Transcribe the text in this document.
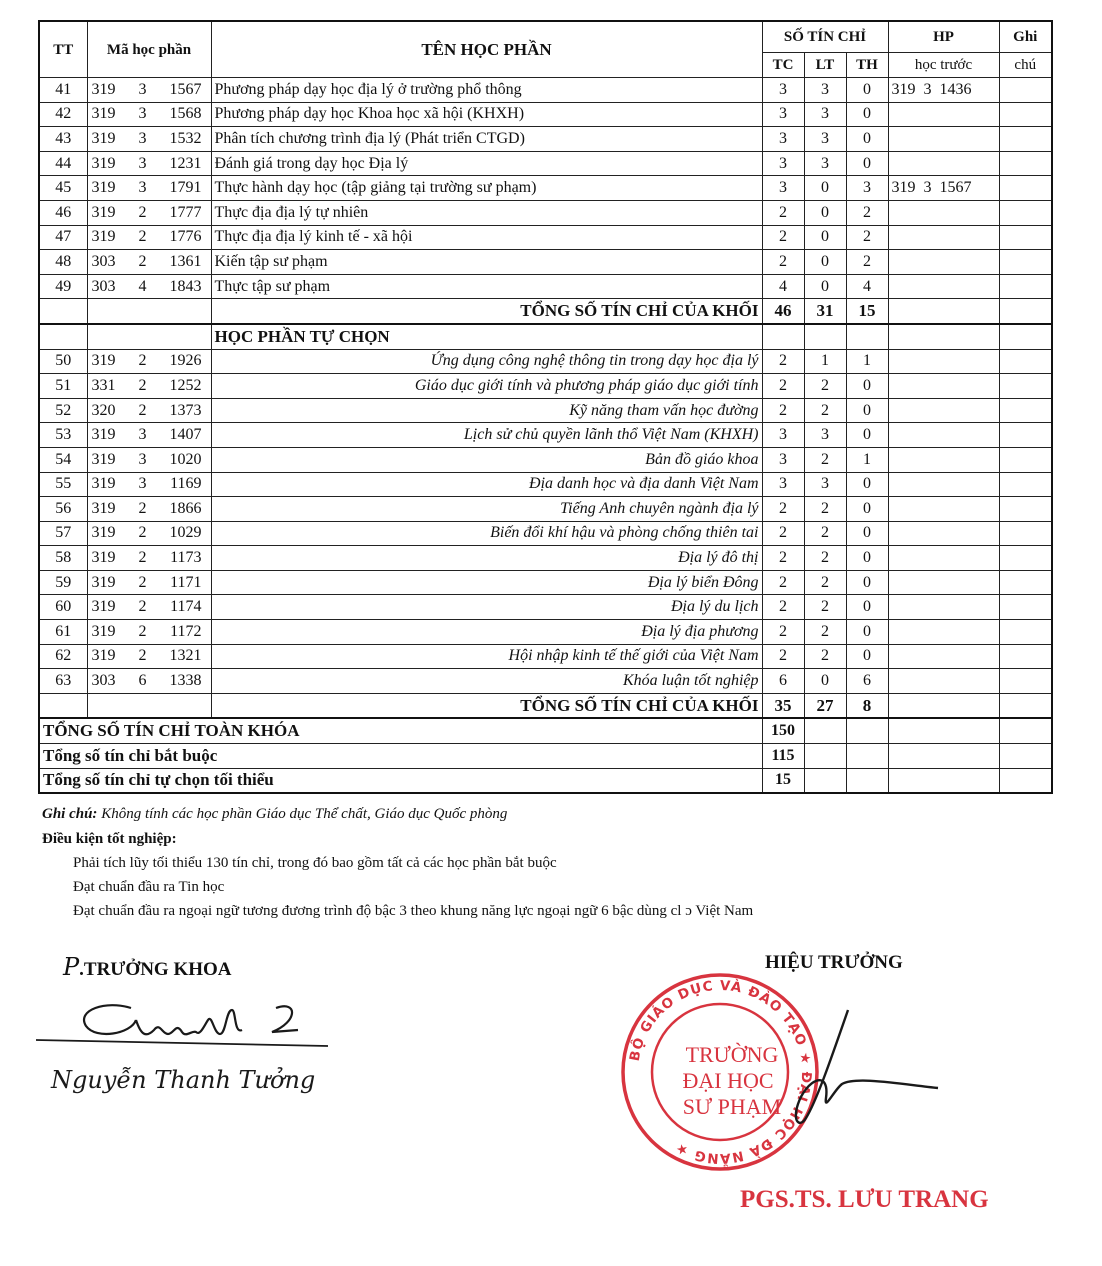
TT	Mã học phần	TÊN HỌC PHẦN	SỐ TÍN CHỈ			HP	Ghi
			TC	LT	TH	học trước	chú
41	319 3 1567	Phương pháp dạy học địa lý ở trường phổ thông	3	3	0	319 3 1436	
42	319 3 1568	Phương pháp dạy học Khoa học xã hội (KHXH)	3	3	0		
43	319 3 1532	Phân tích chương trình địa lý (Phát triển CTGD)	3	3	0		
44	319 3 1231	Đánh giá trong dạy học Địa lý	3	3	0		
45	319 3 1791	Thực hành dạy học (tập giảng tại trường sư phạm)	3	0	3	319 3 1567	
46	319 2 1777	Thực địa địa lý tự nhiên	2	0	2		
47	319 2 1776	Thực địa địa lý kinh tế - xã hội	2	0	2		
48	303 2 1361	Kiến tập sư phạm	2	0	2		
49	303 4 1843	Thực tập sư phạm	4	0	4		
		TỔNG SỐ TÍN CHỈ CỦA KHỐI	46	31	15		
		HỌC PHẦN TỰ CHỌN					
50	319 2 1926	Ứng dụng công nghệ thông tin trong dạy học địa lý	2	1	1		
51	331 2 1252	Giáo dục giới tính và phương pháp giáo dục giới tính	2	2	0		
52	320 2 1373	Kỹ năng tham vấn học đường	2	2	0		
53	319 3 1407	Lịch sử chủ quyền lãnh thổ Việt Nam (KHXH)	3	3	0		
54	319 3 1020	Bản đồ giáo khoa	3	2	1		
55	319 3 1169	Địa danh học và địa danh Việt Nam	3	3	0		
56	319 2 1866	Tiếng Anh chuyên ngành địa lý	2	2	0		
57	319 2 1029	Biến đổi khí hậu và phòng chống thiên tai	2	2	0		
58	319 2 1173	Địa lý đô thị	2	2	0		
59	319 2 1171	Địa lý biển Đông	2	2	0		
60	319 2 1174	Địa lý du lịch	2	2	0		
61	319 2 1172	Địa lý địa phương	2	2	0		
62	319 2 1321	Hội nhập kinh tế thế giới của Việt Nam	2	2	0		
63	303 6 1338	Khóa luận tốt nghiệp	6	0	6		
		TỔNG SỐ TÍN CHỈ CỦA KHỐI	35	27	8		
TỔNG SỐ TÍN CHỈ TOÀN KHÓA			150				
Tổng số tín chỉ bắt buộc			115				
Tổng số tín chỉ tự chọn tối thiểu			15				
Ghi chú: Không tính các học phần Giáo dục Thể chất, Giáo dục Quốc phòng
Điều kiện tốt nghiệp:
Phải tích lũy tối thiểu 130 tín chỉ, trong đó bao gồm tất cả các học phần bắt buộc
Đạt chuẩn đầu ra Tin học
Đạt chuẩn đầu ra ngoại ngữ tương đương trình độ bậc 3 theo khung năng lực ngoại ngữ 6 bậc dùng cl ɔ Việt Nam
P.TRƯỞNG KHOA
Nguyễn Thanh Tưởng
HIỆU TRƯỞNG
BỘ GIÁO DỤC VÀ ĐÀO TẠO ★ ĐẠI HỌC ĐÀ NẴNG ★
TRƯỜNG
ĐẠI HỌC
SƯ PHẠM
PGS.TS. LƯU TRANG
